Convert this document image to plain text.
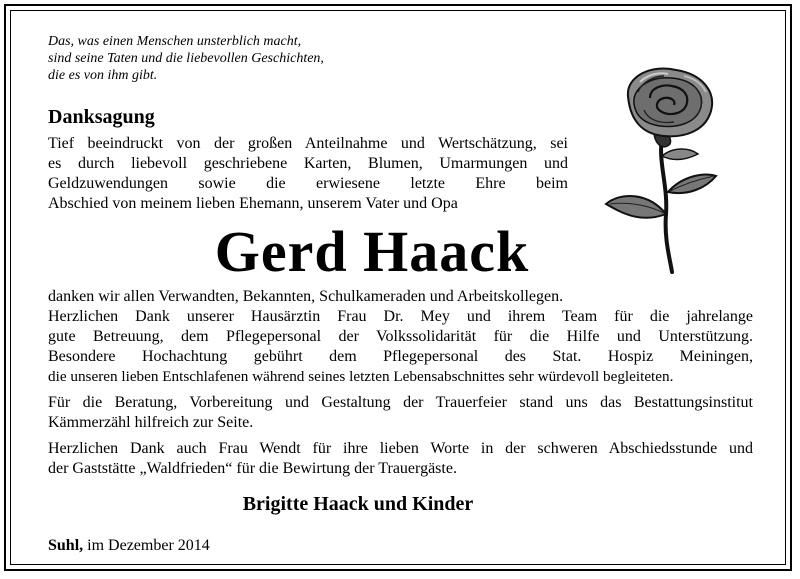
Das, was einen Menschen unsterblich macht,
sind seine Taten und die liebevollen Geschichten,
die es von ihm gibt.
Danksagung
Tief beeindruckt von der großen Anteilnahme und Wertschätzung, sei
es durch liebevoll geschriebene Karten, Blumen, Umarmungen und
Geldzuwendungen sowie die erwiesene letzte Ehre beim
Abschied von meinem lieben Ehemann, unserem Vater und Opa
Gerd Haack

danken wir allen Verwandten, Bekannten, Schulkameraden und Arbeitskollegen.
Herzlichen Dank unserer Hausärztin Frau Dr. Mey und ihrem Team für die jahrelange
gute Betreuung, dem Pflegepersonal der Volkssolidarität für die Hilfe und Unterstützung.
Besondere Hochachtung gebührt dem Pflegepersonal des Stat. Hospiz Meiningen,
die unseren lieben Entschlafenen während seines letzten Lebensabschnittes sehr würdevoll begleiteten.

Für die Beratung, Vorbereitung und Gestaltung der Trauerfeier stand uns das Bestattungsinstitut
Kämmerzähl hilfreich zur Seite.

Herzlichen Dank auch Frau Wendt für ihre lieben Worte in der schweren Abschiedsstunde und
der Gaststätte „Waldfrieden“ für die Bewirtung der Trauergäste.

Brigitte Haack und Kinder
Suhl, im Dezember 2014
